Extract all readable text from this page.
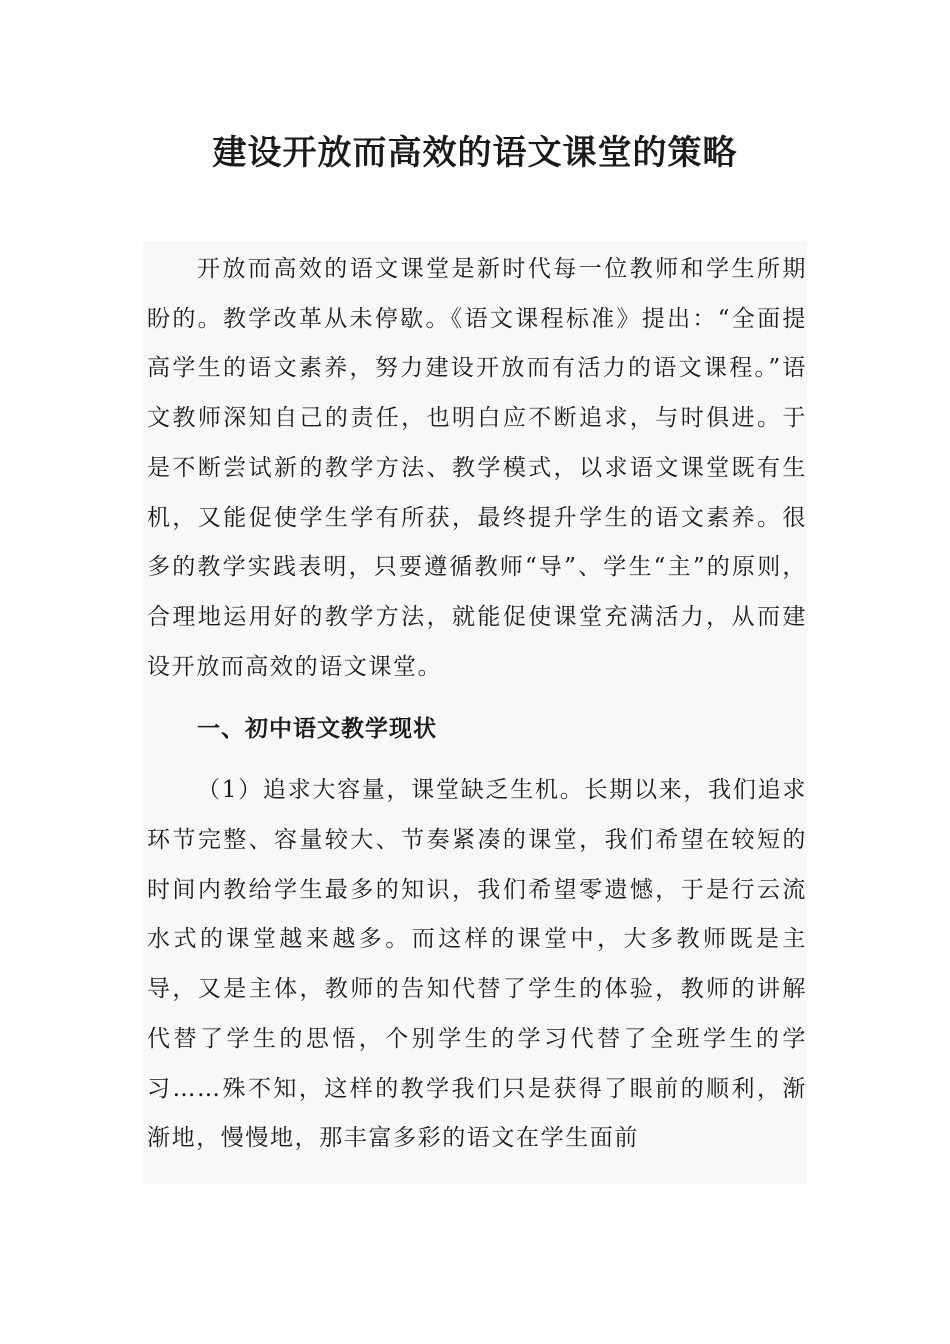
建设开放而高效的语文课堂的策略

开放而高效的语文课堂是新时代每一位教师和学生所期盼的。教学改革从未停歇。《语文课程标准》提出：“全面提高学生的语文素养，努力建设开放而有活力的语文课程。”语文教师深知自己的责任，也明白应不断追求，与时俱进。于是不断尝试新的教学方法、教学模式，以求语文课堂既有生机，又能促使学生学有所获，最终提升学生的语文素养。很多的教学实践表明，只要遵循教师“导”、学生“主”的原则，合理地运用好的教学方法，就能促使课堂充满活力，从而建设开放而高效的语文课堂。

一、初中语文教学现状

（1）追求大容量，课堂缺乏生机。长期以来，我们追求环节完整、容量较大、节奏紧凑的课堂，我们希望在较短的时间内教给学生最多的知识，我们希望零遗憾，于是行云流水式的课堂越来越多。而这样的课堂中，大多教师既是主导，又是主体，教师的告知代替了学生的体验，教师的讲解代替了学生的思悟，个别学生的学习代替了全班学生的学习……殊不知，这样的教学我们只是获得了眼前的顺利，渐渐地，慢慢地，那丰富多彩的语文在学生面前
